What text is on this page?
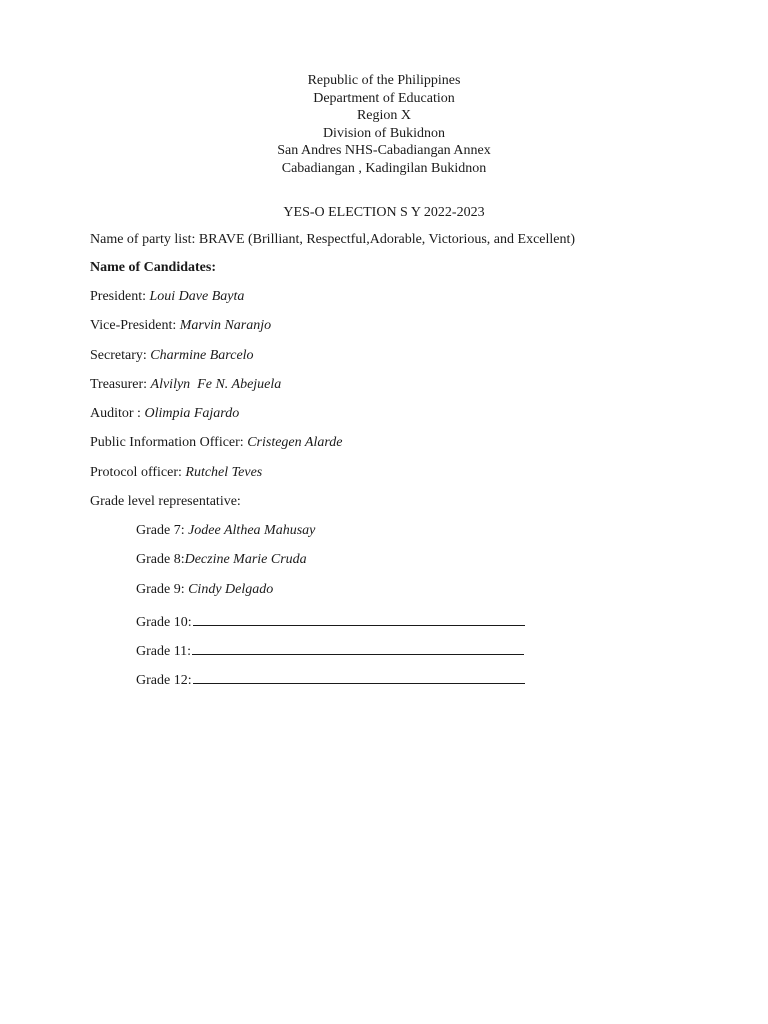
Republic of the Philippines
Department of Education
Region X
Division of Bukidnon
San Andres NHS-Cabadiangan Annex
Cabadiangan , Kadingilan Bukidnon
YES-O ELECTION S Y 2022-2023
Name of party list: BRAVE (Brilliant, Respectful,Adorable, Victorious, and Excellent)
Name of Candidates:
President: Loui Dave Bayta
Vice-President: Marvin Naranjo
Secretary: Charmine Barcelo
Treasurer: Alvilyn  Fe N. Abejuela
Auditor : Olimpia Fajardo
Public Information Officer: Cristegen Alarde
Protocol officer: Rutchel Teves
Grade level representative:
Grade 7: Jodee Althea Mahusay
Grade 8:Deczine Marie Cruda
Grade 9: Cindy Delgado
Grade 10:
Grade 11:
Grade 12:
